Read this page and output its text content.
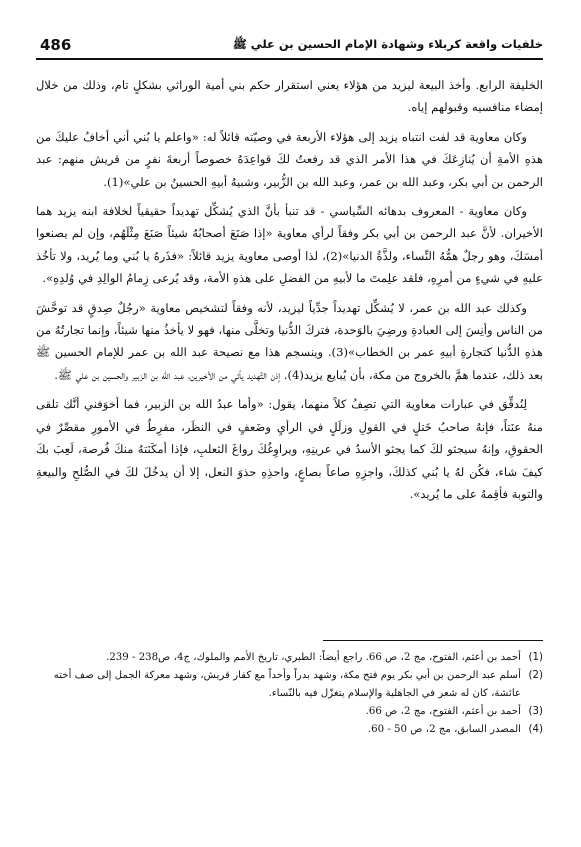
486	خلفيات واقعة كربلاء وشهادة الإمام الحسين بن علي ﷺ

الخليفة الرابع. وأخذ البيعة ليزيد من هؤلاء يعني استقرار حكم بني أمية الوراثي بشكلٍ تام، وذلك من خلال إمضاء منافسيه وقبولهم إياه.

وكان معاوية قد لفت انتباه يزيد إلى هؤلاء الأربعة في وصيّته قائلاً له: «واعلم يا بُني أني أخافُ عليكَ من هذهِ الأمةِ أن يُنازِعَكَ في هذا الأمر الذي قد رفعتُ لكَ قواعِدَهُ خصوصاً أربعةَ نفرٍ من قريش منهم: عبد الرحمن بن أبي بكر، وعبد الله بن عمر، وعبد الله بن الزُّبير، وشبيهُ أبيهِ الحسينُ بن علي»(1).

وكان معاوية - المعروف بدهائه السِّياسي - قد تنبأ بأنَّ الذي يُشكِّل تهديداً حقيقياً لخلافة ابنه يزيد هما الأخيران. لأنَّ عبد الرحمن بن أبي بكر وفقاً لرأي معاوية «إذا صَنَعَ أصحابُهُ شيئاً صَنَعَ مِثْلَهُم، وإن لم يصنعوا أمسَكَ، وهو رجلٌ همُّهُ النِّساء، ولذَّةُ الدنيا»(2)، لذا أوصى معاوية يزيد قائلاً: «فذَرهُ يا بُني وما يُريد، ولا تأخُذ عليهِ في شيءٍ من أمرِهِ، فلقد علِمتَ ما لأبيهِ من الفضلِ على هذهِ الأمة، وقد يُرعى زِمامُ الوالِدِ في وُلدِهِ».

وكذلك عبد الله بن عمر، لا يُشكِّل تهديداً جدِّياً ليزيد، لأنه وفقاً لتشخيص معاوية «رجُلٌ صِدقٍ قد توحَّشَ من الناس وأنِسَ إلى العبادةِ ورضِيَ بالوَحدة، فتركَ الدُّنيا وتخلَّى منها، فهو لا يأخذُ منها شيئاً، وإنما تجارتُهُ من هذهِ الدُّنيا كتجارةِ أبيهِ عمر بن الخطاب»(3). وينسجم هذا مع نصيحة عبد الله بن عمر للإمام الحسين ﷺ بعد ذلك، عندما همَّ بالخروج من مكة، بأن يُبايع يزيد(4). إذن التَّهديد يأتي من الأخيرين، عبد الله بن الزبير والحسين بن علي ﷺ.

لِنُدقِّق في عبارات معاوية التي تصِفُ كلاً منهما، يقول: «وأما عبدُ الله بن الزبير، فما أخوَفني أنَّك تلقى منهُ عنَتاً، فإنهُ صاحبُ خَتلٍ في القولِ وزلَلٍ في الرأيِ وضَعفٍ في النظَر، مفرِطٌ في الأمورِ مقصِّرٌ في الحقوقِ، وإنهُ سيجثو لكَ كما يجثو الأسدُ في عرينِهِ، ويراوِغُكَ رواغَ الثعلبِ، فإذا أمكَنَتهُ منكَ فُرصة، لَعِبَ بكَ كيفَ شاء، فكُن لهُ يا بُني كذلكَ، واجزِهِ صاعاً بصاعٍ، واحذِهِ حذوَ النعل، إلا أن يدخُلَ لكَ في الصُّلحِ والبيعةِ والتوبة فأقِمهُ على ما يُريد».

(1)
أحمد بن أعثم، الفتوح، مج 2، ص 66. راجع أيضاً: الطبري، تاريخ الأمم والملوك، ج4، ص238 - 239.
(2)
أسلم عبد الرحمن بن أبي بكر يوم فتح مكة، وشهد بدراً وأحداً مع كفار قريش، وشهد معركة الجمل إلى صف أخته عائشة، كان له شعر في الجاهلية والإسلام يتغزّل فيه بالنّساء.
(3)
أحمد بن أعثم، الفتوح، مج 2، ص 66.
(4)
المصدر السابق، مج 2، ص 50 - 60.
